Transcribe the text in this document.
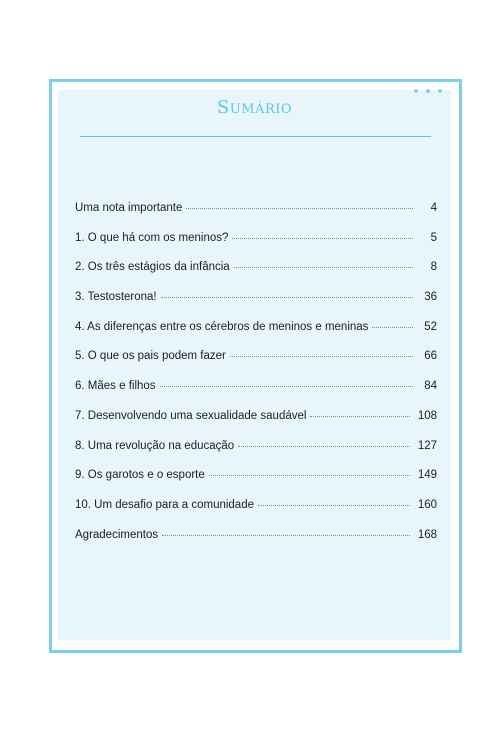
Sumário
Uma nota importante	4
1. O que há com os meninos?	5
2. Os três estágios da infância	8
3. Testosterona!	36
4. As diferenças entre os cérebros de meninos e meninas	52
5. O que os pais podem fazer	66
6. Mães e filhos	84
7. Desenvolvendo uma sexualidade saudável	108
8. Uma revolução na educação	127
9. Os garotos e o esporte	149
10. Um desafio para a comunidade	160
Agradecimentos	168
